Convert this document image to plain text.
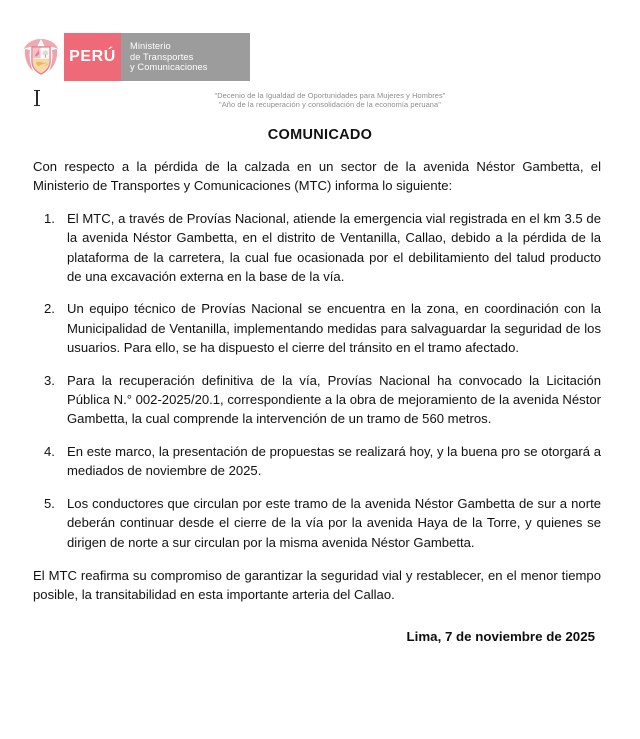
PERÚ
Ministerio
de Transportes
y Comunicaciones
"Decenio de la Igualdad de Oportunidades para Mujeres y Hombres"
"Año de la recuperación y consolidación de la economía peruana"
COMUNICADO

Con respecto a la pérdida de la calzada en un sector de la avenida Néstor Gambetta, el Ministerio de Transportes y Comunicaciones (MTC) informa lo siguiente:

1. El MTC, a través de Provías Nacional, atiende la emergencia vial registrada en el km 3.5 de la avenida Néstor Gambetta, en el distrito de Ventanilla, Callao, debido a la pérdida de la plataforma de la carretera, la cual fue ocasionada por el debilitamiento del talud producto de una excavación externa en la base de la vía.
2. Un equipo técnico de Provías Nacional se encuentra en la zona, en coordinación con la Municipalidad de Ventanilla, implementando medidas para salvaguardar la seguridad de los usuarios. Para ello, se ha dispuesto el cierre del tránsito en el tramo afectado.
3. Para la recuperación definitiva de la vía, Provías Nacional ha convocado la Licitación Pública N.° 002-2025/20.1, correspondiente a la obra de mejoramiento de la avenida Néstor Gambetta, la cual comprende la intervención de un tramo de 560 metros.
4. En este marco, la presentación de propuestas se realizará hoy, y la buena pro se otorgará a mediados de noviembre de 2025.
5. Los conductores que circulan por este tramo de la avenida Néstor Gambetta de sur a norte deberán continuar desde el cierre de la vía por la avenida Haya de la Torre, y quienes se dirigen de norte a sur circulan por la misma avenida Néstor Gambetta.

El MTC reafirma su compromiso de garantizar la seguridad vial y restablecer, en el menor tiempo posible, la transitabilidad en esta importante arteria del Callao.

Lima, 7 de noviembre de 2025
